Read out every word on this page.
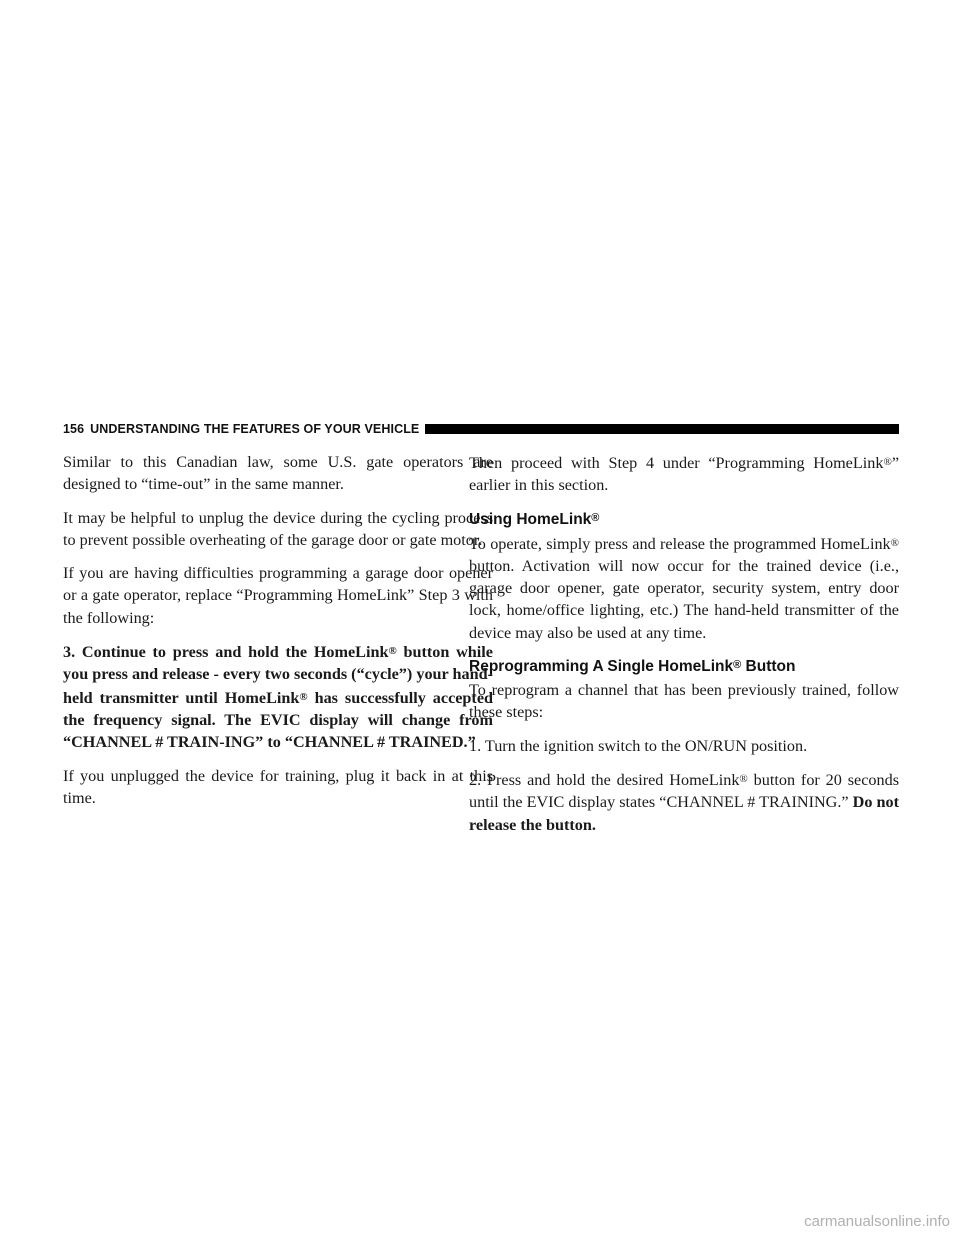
156 UNDERSTANDING THE FEATURES OF YOUR VEHICLE

Similar to this Canadian law, some U.S. gate operators are designed to “time-out” in the same manner.

It may be helpful to unplug the device during the cycling process to prevent possible overheating of the garage door or gate motor.

If you are having difficulties programming a garage door opener or a gate operator, replace “Programming HomeLink” Step 3 with the following:

3. Continue to press and hold the HomeLink® button while you press and release - every two seconds (“cycle”) your hand-held transmitter until HomeLink® has successfully accepted the frequency signal. The EVIC display will change from “CHANNEL # TRAIN-ING” to “CHANNEL # TRAINED.”

If you unplugged the device for training, plug it back in at this time.

Then proceed with Step 4 under “Programming HomeLink®” earlier in this section.

Using HomeLink®

To operate, simply press and release the programmed HomeLink® button. Activation will now occur for the trained device (i.e., garage door opener, gate operator, security system, entry door lock, home/office lighting, etc.) The hand-held transmitter of the device may also be used at any time.

Reprogramming A Single HomeLink® Button

To reprogram a channel that has been previously trained, follow these steps:

1. Turn the ignition switch to the ON/RUN position.

2. Press and hold the desired HomeLink® button for 20 seconds until the EVIC display states “CHANNEL # TRAINING.” Do not release the button.

carmanualsonline.info
